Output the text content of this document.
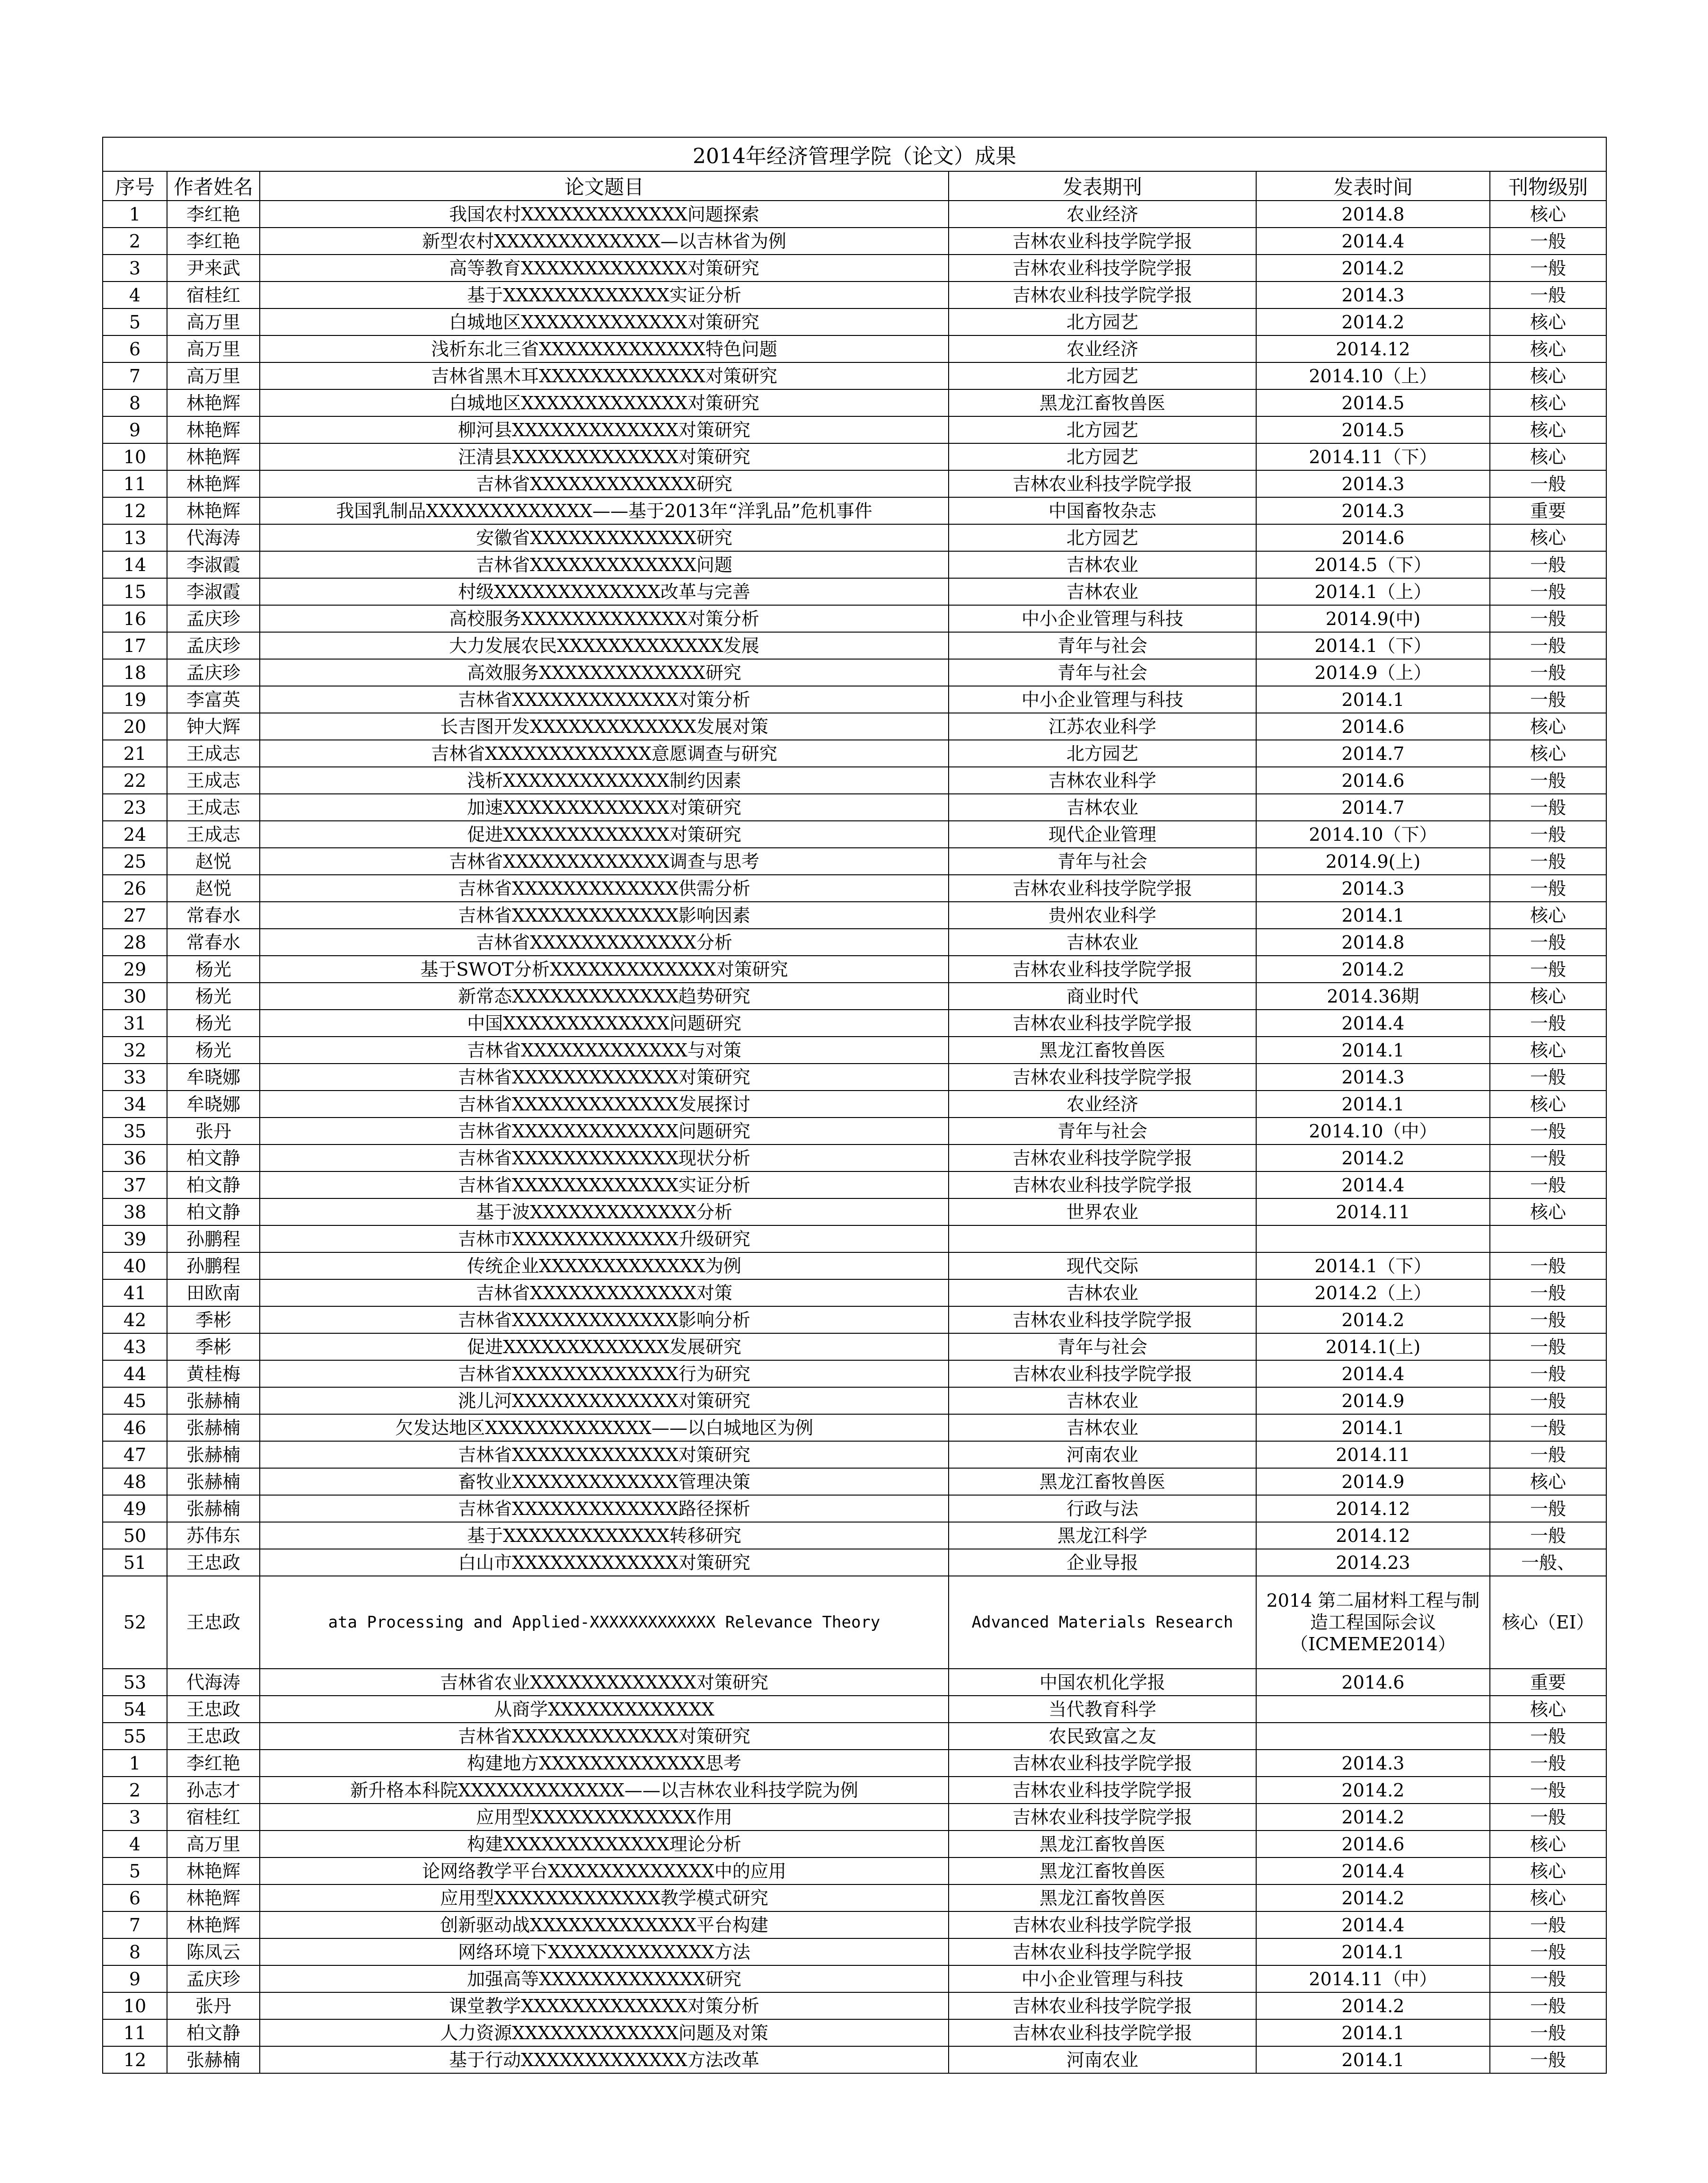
2014年经济管理学院（论文）成果					
序号	作者姓名	论文题目	发表期刊	发表时间	刊物级别
1	李红艳	我国农村XXXXXXXXXXXXX问题探索	农业经济	2014.8	核心
2	李红艳	新型农村XXXXXXXXXXXXX—以吉林省为例	吉林农业科技学院学报	2014.4	一般
3	尹来武	高等教育XXXXXXXXXXXXX对策研究	吉林农业科技学院学报	2014.2	一般
4	宿桂红	基于XXXXXXXXXXXXX实证分析	吉林农业科技学院学报	2014.3	一般
5	高万里	白城地区XXXXXXXXXXXXX对策研究	北方园艺	2014.2	核心
6	高万里	浅析东北三省XXXXXXXXXXXXX特色问题	农业经济	2014.12	核心
7	高万里	吉林省黑木耳XXXXXXXXXXXXX对策研究	北方园艺	2014.10（上）	核心
8	林艳辉	白城地区XXXXXXXXXXXXX对策研究	黑龙江畜牧兽医	2014.5	核心
9	林艳辉	柳河县XXXXXXXXXXXXX对策研究	北方园艺	2014.5	核心
10	林艳辉	汪清县XXXXXXXXXXXXX对策研究	北方园艺	2014.11（下）	核心
11	林艳辉	吉林省XXXXXXXXXXXXX研究	吉林农业科技学院学报	2014.3	一般
12	林艳辉	我国乳制品XXXXXXXXXXXXX——基于2013年“洋乳品”危机事件	中国畜牧杂志	2014.3	重要
13	代海涛	安徽省XXXXXXXXXXXXX研究	北方园艺	2014.6	核心
14	李淑霞	吉林省XXXXXXXXXXXXX问题	吉林农业	2014.5（下）	一般
15	李淑霞	村级XXXXXXXXXXXXX改革与完善	吉林农业	2014.1（上）	一般
16	孟庆珍	高校服务XXXXXXXXXXXXX对策分析	中小企业管理与科技	2014.9(中)	一般
17	孟庆珍	大力发展农民XXXXXXXXXXXXX发展	青年与社会	2014.1（下）	一般
18	孟庆珍	高效服务XXXXXXXXXXXXX研究	青年与社会	2014.9（上）	一般
19	李富英	吉林省XXXXXXXXXXXXX对策分析	中小企业管理与科技	2014.1	一般
20	钟大辉	长吉图开发XXXXXXXXXXXXX发展对策	江苏农业科学	2014.6	核心
21	王成志	吉林省XXXXXXXXXXXXX意愿调查与研究	北方园艺	2014.7	核心
22	王成志	浅析XXXXXXXXXXXXX制约因素	吉林农业科学	2014.6	一般
23	王成志	加速XXXXXXXXXXXXX对策研究	吉林农业	2014.7	一般
24	王成志	促进XXXXXXXXXXXXX对策研究	现代企业管理	2014.10（下）	一般
25	赵悦	吉林省XXXXXXXXXXXXX调查与思考	青年与社会	2014.9(上)	一般
26	赵悦	吉林省XXXXXXXXXXXXX供需分析	吉林农业科技学院学报	2014.3	一般
27	常春水	吉林省XXXXXXXXXXXXX影响因素	贵州农业科学	2014.1	核心
28	常春水	吉林省XXXXXXXXXXXXX分析	吉林农业	2014.8	一般
29	杨光	基于SWOT分析XXXXXXXXXXXXX对策研究	吉林农业科技学院学报	2014.2	一般
30	杨光	新常态XXXXXXXXXXXXX趋势研究	商业时代	2014.36期	核心
31	杨光	中国XXXXXXXXXXXXX问题研究	吉林农业科技学院学报	2014.4	一般
32	杨光	吉林省XXXXXXXXXXXXX与对策	黑龙江畜牧兽医	2014.1	核心
33	牟晓娜	吉林省XXXXXXXXXXXXX对策研究	吉林农业科技学院学报	2014.3	一般
34	牟晓娜	吉林省XXXXXXXXXXXXX发展探讨	农业经济	2014.1	核心
35	张丹	吉林省XXXXXXXXXXXXX问题研究	青年与社会	2014.10（中）	一般
36	柏文静	吉林省XXXXXXXXXXXXX现状分析	吉林农业科技学院学报	2014.2	一般
37	柏文静	吉林省XXXXXXXXXXXXX实证分析	吉林农业科技学院学报	2014.4	一般
38	柏文静	基于波XXXXXXXXXXXXX分析	世界农业	2014.11	核心
39	孙鹏程	吉林市XXXXXXXXXXXXX升级研究			
40	孙鹏程	传统企业XXXXXXXXXXXXX为例	现代交际	2014.1（下）	一般
41	田欧南	吉林省XXXXXXXXXXXXX对策	吉林农业	2014.2（上）	一般
42	季彬	吉林省XXXXXXXXXXXXX影响分析	吉林农业科技学院学报	2014.2	一般
43	季彬	促进XXXXXXXXXXXXX发展研究	青年与社会	2014.1(上)	一般
44	黄桂梅	吉林省XXXXXXXXXXXXX行为研究	吉林农业科技学院学报	2014.4	一般
45	张赫楠	洮儿河XXXXXXXXXXXXX对策研究	吉林农业	2014.9	一般
46	张赫楠	欠发达地区XXXXXXXXXXXXX——以白城地区为例	吉林农业	2014.1	一般
47	张赫楠	吉林省XXXXXXXXXXXXX对策研究	河南农业	2014.11	一般
48	张赫楠	畜牧业XXXXXXXXXXXXX管理决策	黑龙江畜牧兽医	2014.9	核心
49	张赫楠	吉林省XXXXXXXXXXXXX路径探析	行政与法	2014.12	一般
50	苏伟东	基于XXXXXXXXXXXXX转移研究	黑龙江科学	2014.12	一般
51	王忠政	白山市XXXXXXXXXXXXX对策研究	企业导报	2014.23	一般、
52	王忠政	ata Processing and Applied-XXXXXXXXXXXXX Relevance Theory	Advanced Materials Research	2014 第二届材料工程与制造工程国际会议（ICMEME2014）	核心（EI）
53	代海涛	吉林省农业XXXXXXXXXXXXX对策研究	中国农机化学报	2014.6	重要
54	王忠政	从商学XXXXXXXXXXXXX	当代教育科学		核心
55	王忠政	吉林省XXXXXXXXXXXXX对策研究	农民致富之友		一般
1	李红艳	构建地方XXXXXXXXXXXXX思考	吉林农业科技学院学报	2014.3	一般
2	孙志才	新升格本科院XXXXXXXXXXXXX——以吉林农业科技学院为例	吉林农业科技学院学报	2014.2	一般
3	宿桂红	应用型XXXXXXXXXXXXX作用	吉林农业科技学院学报	2014.2	一般
4	高万里	构建XXXXXXXXXXXXX理论分析	黑龙江畜牧兽医	2014.6	核心
5	林艳辉	论网络教学平台XXXXXXXXXXXXX中的应用	黑龙江畜牧兽医	2014.4	核心
6	林艳辉	应用型XXXXXXXXXXXXX教学模式研究	黑龙江畜牧兽医	2014.2	核心
7	林艳辉	创新驱动战XXXXXXXXXXXXX平台构建	吉林农业科技学院学报	2014.4	一般
8	陈凤云	网络环境下XXXXXXXXXXXXX方法	吉林农业科技学院学报	2014.1	一般
9	孟庆珍	加强高等XXXXXXXXXXXXX研究	中小企业管理与科技	2014.11（中）	一般
10	张丹	课堂教学XXXXXXXXXXXXX对策分析	吉林农业科技学院学报	2014.2	一般
11	柏文静	人力资源XXXXXXXXXXXXX问题及对策	吉林农业科技学院学报	2014.1	一般
12	张赫楠	基于行动XXXXXXXXXXXXX方法改革	河南农业	2014.1	一般
